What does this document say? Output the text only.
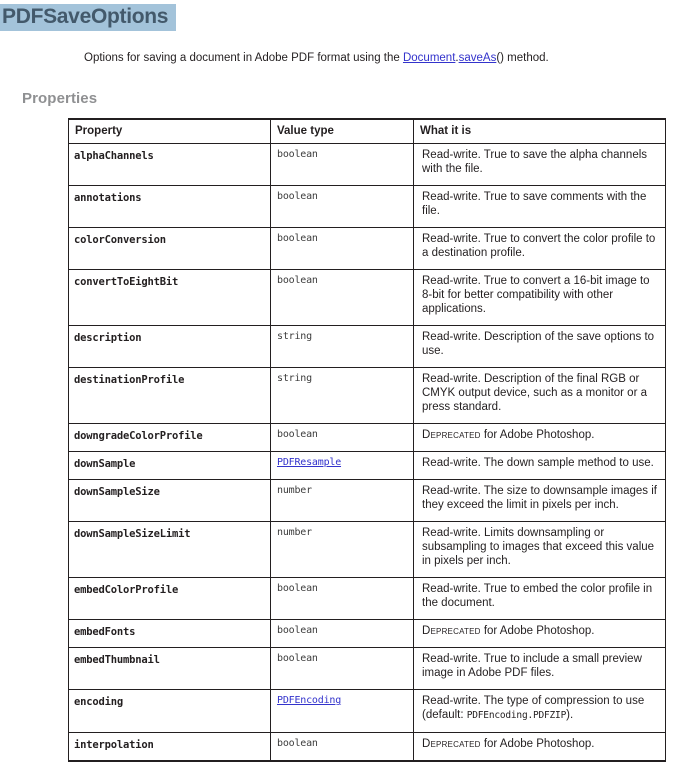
PDFSaveOptions

Options for saving a document in Adobe PDF format using the Document.saveAs() method.

Properties
Property	Value type	What it is
alphaChannels	boolean	Read-write. True to save the alpha channels with the file.
annotations	boolean	Read-write. True to save comments with the file.
colorConversion	boolean	Read-write. True to convert the color profile to a destination profile.
convertToEightBit	boolean	Read-write. True to convert a 16-bit image to 8-bit for better compatibility with other applications.
description	string	Read-write. Description of the save options to use.
destinationProfile	string	Read-write. Description of the final RGB or CMYK output device, such as a monitor or a press standard.
downgradeColorProfile	boolean	Deprecated for Adobe Photoshop.
downSample	PDFResample	Read-write. The down sample method to use.
downSampleSize	number	Read-write. The size to downsample images if they exceed the limit in pixels per inch.
downSampleSizeLimit	number	Read-write. Limits downsampling or subsampling to images that exceed this value in pixels per inch.
embedColorProfile	boolean	Read-write. True to embed the color profile in the document.
embedFonts	boolean	Deprecated for Adobe Photoshop.
embedThumbnail	boolean	Read-write. True to include a small preview image in Adobe PDF files.
encoding	PDFEncoding	Read-write. The type of compression to use (default: PDFEncoding.PDFZIP).
interpolation	boolean	Deprecated for Adobe Photoshop.
